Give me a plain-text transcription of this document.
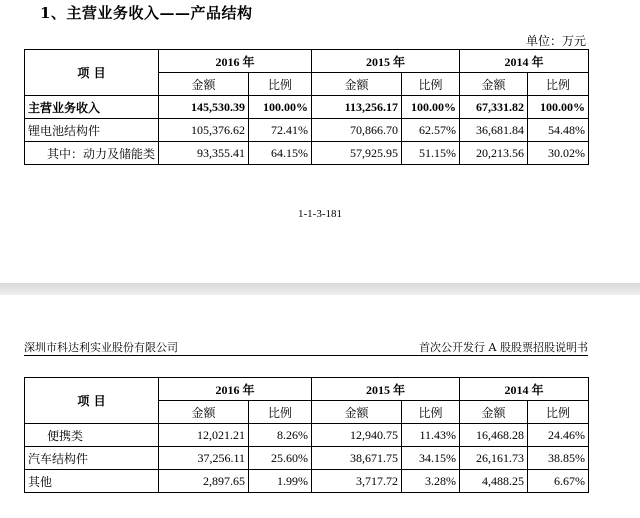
1、主营业务收入——产品结构
单位：万元
项 目	2016 年		2015 年		2014 年	
	金额	比例	金额	比例	金额	比例
主营业务收入	145,530.39	100.00%	113,256.17	100.00%	67,331.82	100.00%
锂电池结构件	105,376.62	72.41%	70,866.70	62.57%	36,681.84	54.48%
其中：动力及储能类	93,355.41	64.15%	57,925.95	51.15%	20,213.56	30.02%
1-1-3-181
深圳市科达利实业股份有限公司	首次公开发行 A 股股票招股说明书
项 目	2016 年		2015 年		2014 年	
	金额	比例	金额	比例	金额	比例
便携类	12,021.21	8.26%	12,940.75	11.43%	16,468.28	24.46%
汽车结构件	37,256.11	25.60%	38,671.75	34.15%	26,161.73	38.85%
其他	2,897.65	1.99%	3,717.72	3.28%	4,488.25	6.67%
